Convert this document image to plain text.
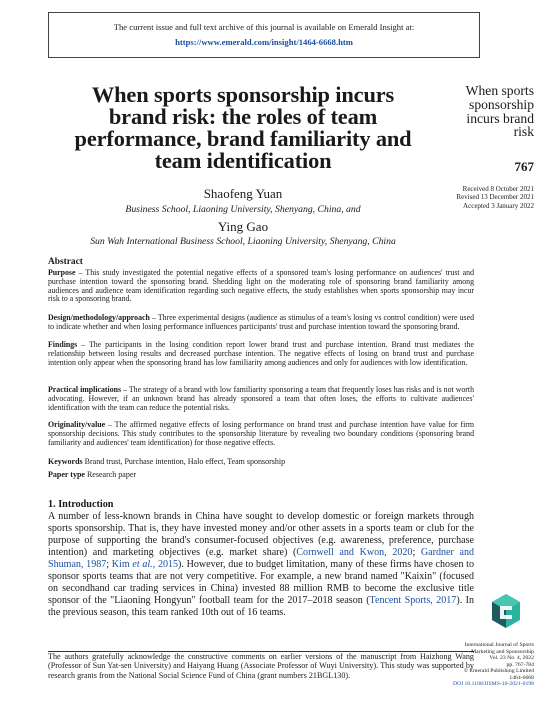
The current issue and full text archive of this journal is available on Emerald Insight at:
https://www.emerald.com/insight/1464-6668.htm
When sports sponsorship incurs
brand risk: the roles of team
performance, brand familiarity and
team identification
When sports
sponsorship
incurs brand
risk
767
Received 8 October 2021
Revised 13 December 2021
Accepted 3 January 2022
Shaofeng Yuan
Business School, Liaoning University, Shenyang, China, and
Ying Gao
Sun Wah International Business School, Liaoning University, Shenyang, China
Abstract

Purpose – This study investigated the potential negative effects of a sponsored team's losing performance on audiences' trust and purchase intention toward the sponsoring brand. Shedding light on the moderating role of sponsoring brand familiarity among audiences and audience team identification regarding such negative effects, the study establishes when sports sponsorship may incur risk to a sponsoring brand.

Design/methodology/approach – Three experimental designs (audience as stimulus of a team's losing vs control condition) were used to indicate whether and when losing performance influences participants' trust and purchase intention toward the sponsoring brand.

Findings – The participants in the losing condition report lower brand trust and purchase intention. Brand trust mediates the relationship between losing results and decreased purchase intention. The negative effects of losing on brand trust and purchase intention only appear when the sponsoring brand has low familiarity among audiences and only for audiences with low identification.

Practical implications – The strategy of a brand with low familiarity sponsoring a team that frequently loses has risks and is not worth advocating. However, if an unknown brand has already sponsored a team that often loses, the efforts to cultivate audiences' identification with the team can reduce the potential risks.

Originality/value – The affirmed negative effects of losing performance on brand trust and purchase intention have value for firm sponsorship decisions. This study contributes to the sponsorship literature by revealing two boundary conditions (sponsoring brand familiarity and audiences' team identification) for those negative effects.

Keywords Brand trust, Purchase intention, Halo effect, Team sponsorship
Paper type Research paper
1. Introduction

A number of less-known brands in China have sought to develop domestic or foreign markets through sports sponsorship. That is, they have invested money and/or other assets in a sports team or club for the purpose of supporting the brand's consumer-focused objectives (e.g. awareness, preference, purchase intention) and marketing objectives (e.g. market share) (Cornwell and Kwon, 2020; Gardner and Shuman, 1987; Kim et al., 2015). However, due to budget limitation, many of these firms have chosen to sponsor sports teams that are not very competitive. For example, a new brand named "Kaixin" (focused on secondhand car trading services in China) invested 88 million RMB to become the exclusive title sponsor of the "Liaoning Hongyun" football team for the 2017–2018 season (Tencent Sports, 2017). In the previous season, this team ranked 10th out of 16 teams.

The authors gratefully acknowledge the constructive comments on earlier versions of the manuscript from Haizhong Wang (Professor of Sun Yat-sen University) and Haiyang Huang (Associate Professor of Wuyi University). This study was supported by research grants from the National Social Science Fund of China (grant numbers 21BGL130).

International Journal of Sports
Marketing and Sponsorship
Vol. 23 No. 4, 2022
pp. 767-784
© Emerald Publishing Limited
1464-6668
DOI 10.1108/IJSMS-10-2021-0198
